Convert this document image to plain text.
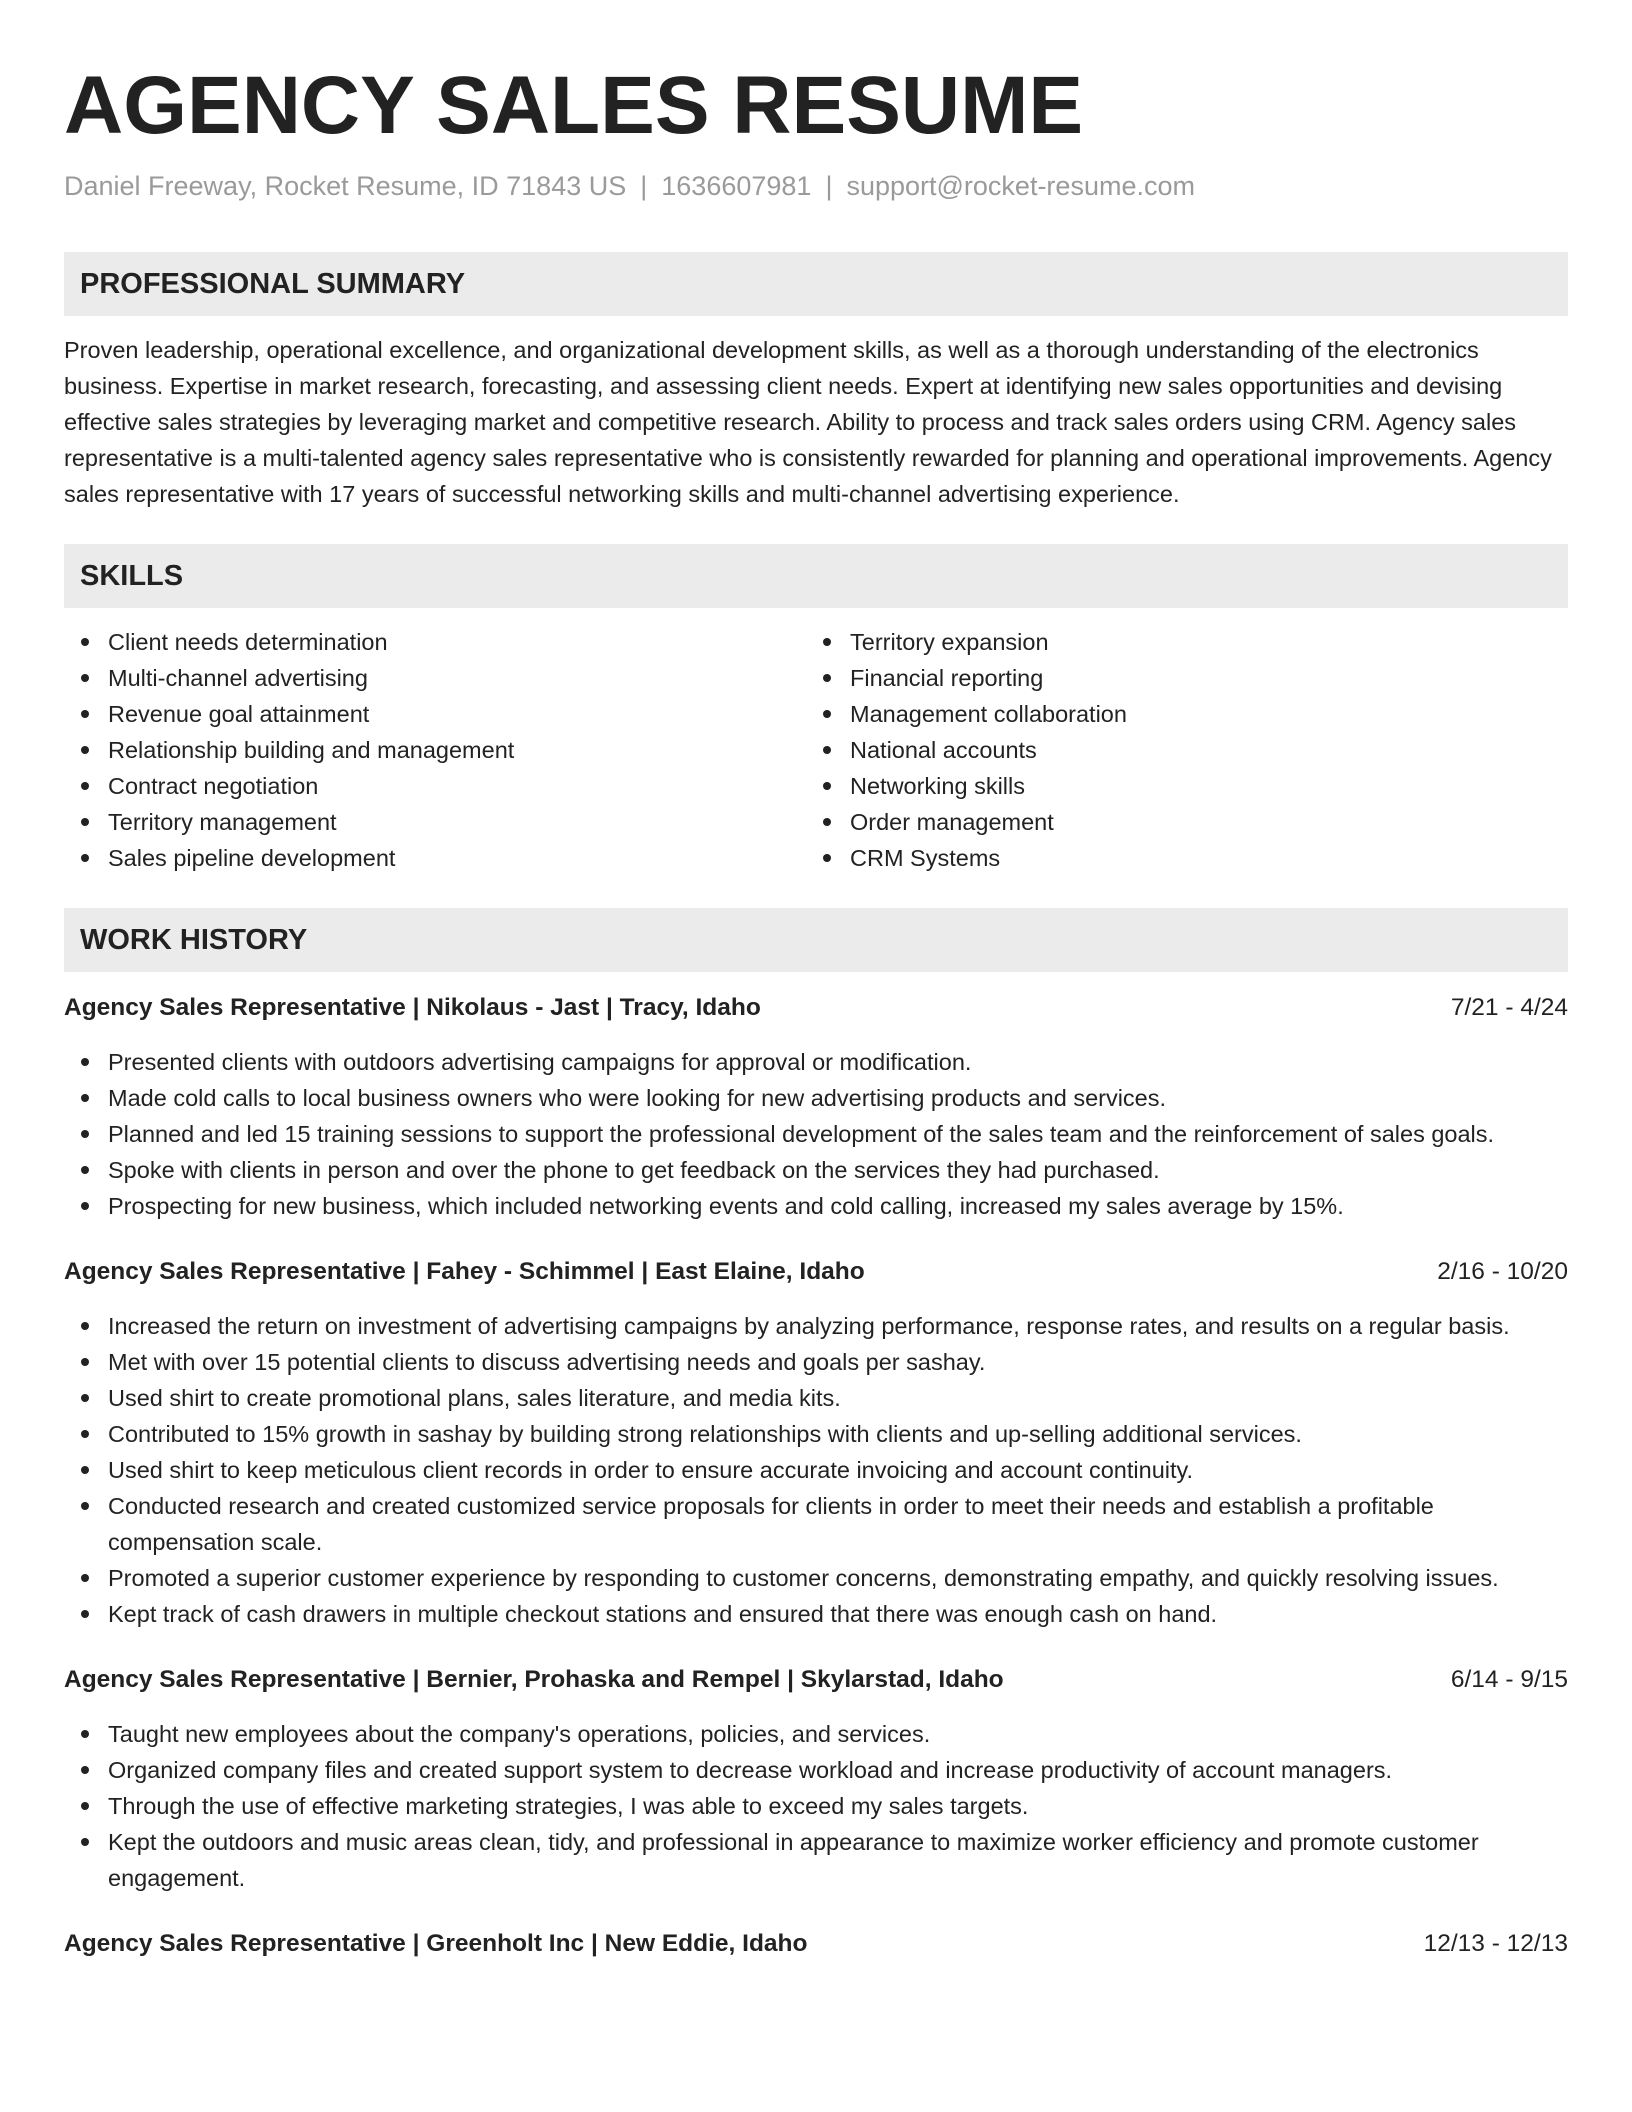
AGENCY SALES RESUME
Daniel Freeway, Rocket Resume, ID 71843 US | 1636607981 | support@rocket-resume.com
PROFESSIONAL SUMMARY
Proven leadership, operational excellence, and organizational development skills, as well as a thorough understanding of the electronics business. Expertise in market research, forecasting, and assessing client needs. Expert at identifying new sales opportunities and devising effective sales strategies by leveraging market and competitive research. Ability to process and track sales orders using CRM. Agency sales representative is a multi-talented agency sales representative who is consistently rewarded for planning and operational improvements. Agency sales representative with 17 years of successful networking skills and multi-channel advertising experience.
SKILLS
Client needs determination
Multi-channel advertising
Revenue goal attainment
Relationship building and management
Contract negotiation
Territory management
Sales pipeline development
Territory expansion
Financial reporting
Management collaboration
National accounts
Networking skills
Order management
CRM Systems
WORK HISTORY
Agency Sales Representative | Nikolaus - Jast | Tracy, Idaho	7/21 - 4/24
Presented clients with outdoors advertising campaigns for approval or modification.
Made cold calls to local business owners who were looking for new advertising products and services.
Planned and led 15 training sessions to support the professional development of the sales team and the reinforcement of sales goals.
Spoke with clients in person and over the phone to get feedback on the services they had purchased.
Prospecting for new business, which included networking events and cold calling, increased my sales average by 15%.
Agency Sales Representative | Fahey - Schimmel | East Elaine, Idaho	2/16 - 10/20
Increased the return on investment of advertising campaigns by analyzing performance, response rates, and results on a regular basis.
Met with over 15 potential clients to discuss advertising needs and goals per sashay.
Used shirt to create promotional plans, sales literature, and media kits.
Contributed to 15% growth in sashay by building strong relationships with clients and up-selling additional services.
Used shirt to keep meticulous client records in order to ensure accurate invoicing and account continuity.
Conducted research and created customized service proposals for clients in order to meet their needs and establish a profitable compensation scale.
Promoted a superior customer experience by responding to customer concerns, demonstrating empathy, and quickly resolving issues.
Kept track of cash drawers in multiple checkout stations and ensured that there was enough cash on hand.
Agency Sales Representative | Bernier, Prohaska and Rempel | Skylarstad, Idaho	6/14 - 9/15
Taught new employees about the company's operations, policies, and services.
Organized company files and created support system to decrease workload and increase productivity of account managers.
Through the use of effective marketing strategies, I was able to exceed my sales targets.
Kept the outdoors and music areas clean, tidy, and professional in appearance to maximize worker efficiency and promote customer engagement.
Agency Sales Representative | Greenholt Inc | New Eddie, Idaho	12/13 - 12/13
